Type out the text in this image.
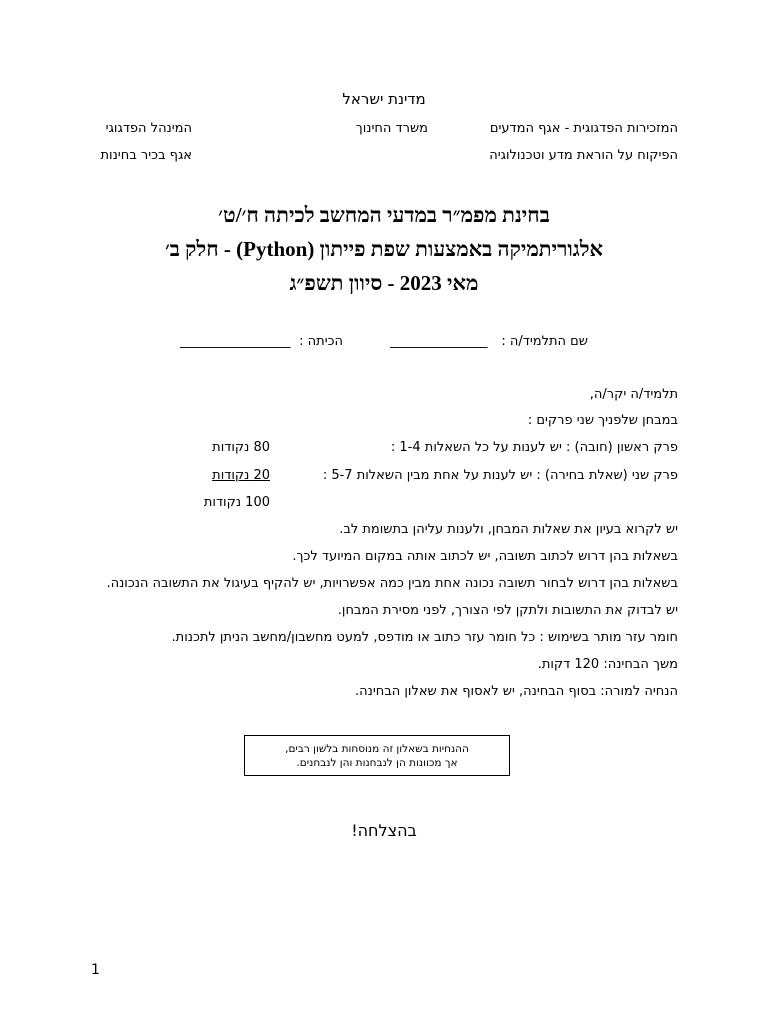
מדינת ישראל
המזכירות הפדגוגית - אגף המדעים
הפיקוח על הוראת מדע וטכנולוגיה
משרד החינוך
המינהל הפדגוגי
אגף בכיר בחינות
בחינת מפמ״ר במדעי המחשב לכיתה ח׳/ט׳
אלגוריתמיקה באמצעות שפת פייתון (Python) - חלק ב׳
מאי 2023 - סיוון תשפ״ג
שם התלמיד/ה :
_______________
הכיתה :
_________________
תלמיד/ה יקר/ה,
במבחן שלפניך שני פרקים :
פרק ראשון (חובה) : יש לענות על כל השאלות 1-4 :
80 נקודות
פרק שני (שאלת בחירה) : יש לענות על אחת מבין השאלות 5-7 :
20 נקודות
100 נקודות
יש לקרוא בעיון את שאלות המבחן, ולענות עליהן בתשומת לב.
בשאלות בהן דרוש לכתוב תשובה, יש לכתוב אותה במקום המיועד לכך.
בשאלות בהן דרוש לבחור תשובה נכונה אחת מבין כמה אפשרויות, יש להקיף בעיגול את התשובה הנכונה.
יש לבדוק את התשובות ולתקן לפי הצורך, לפני מסירת המבחן.
חומר עזר מותר בשימוש : כל חומר עזר כתוב או מודפס, למעט מחשבון/מחשב הניתן לתכנות.
משך הבחינה: 120 דקות.
הנחיה למורה: בסוף הבחינה, יש לאסוף את שאלון הבחינה.
ההנחיות בשאלון זה מנוסחות בלשון רבים,
אך מכוונות הן לנבחנות והן לנבחנים.
בהצלחה!
1
